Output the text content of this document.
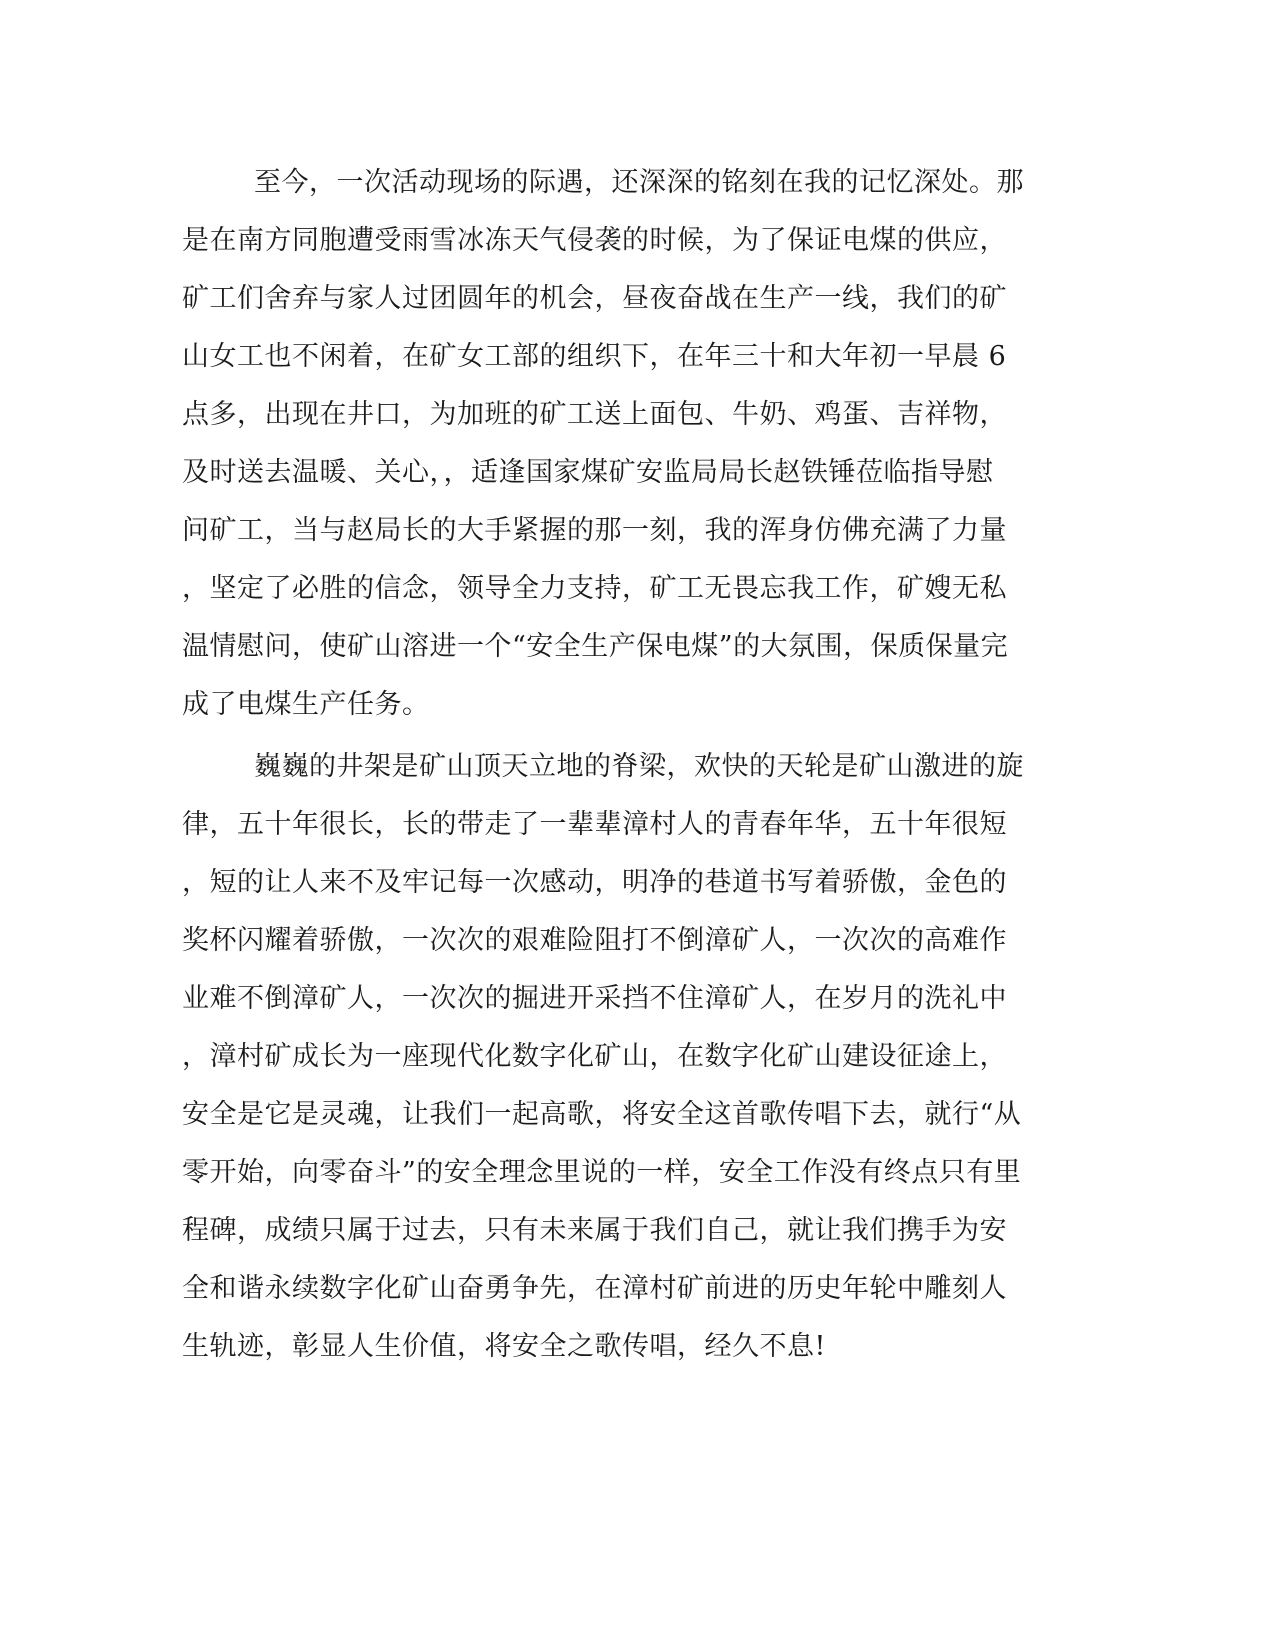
至今，一次活动现场的际遇，还深深的铭刻在我的记忆深处。那
是在南方同胞遭受雨雪冰冻天气侵袭的时候，为了保证电煤的供应，
矿工们舍弃与家人过团圆年的机会，昼夜奋战在生产一线，我们的矿
山女工也不闲着，在矿女工部的组织下，在年三十和大年初一早晨 6
点多，出现在井口，为加班的矿工送上面包、牛奶、鸡蛋、吉祥物，
及时送去温暖、关心，，适逢国家煤矿安监局局长赵铁锤莅临指导慰
问矿工，当与赵局长的大手紧握的那一刻，我的浑身仿佛充满了力量
，坚定了必胜的信念，领导全力支持，矿工无畏忘我工作，矿嫂无私
温情慰问，使矿山溶进一个“安全生产保电煤”的大氛围，保质保量完
成了电煤生产任务。
巍巍的井架是矿山顶天立地的脊梁，欢快的天轮是矿山激进的旋
律，五十年很长，长的带走了一辈辈漳村人的青春年华，五十年很短
，短的让人来不及牢记每一次感动，明净的巷道书写着骄傲，金色的
奖杯闪耀着骄傲，一次次的艰难险阻打不倒漳矿人，一次次的高难作
业难不倒漳矿人，一次次的掘进开采挡不住漳矿人，在岁月的洗礼中
，漳村矿成长为一座现代化数字化矿山，在数字化矿山建设征途上，
安全是它是灵魂，让我们一起高歌，将安全这首歌传唱下去，就行“从
零开始，向零奋斗”的安全理念里说的一样，安全工作没有终点只有里
程碑，成绩只属于过去，只有未来属于我们自己，就让我们携手为安
全和谐永续数字化矿山奋勇争先，在漳村矿前进的历史年轮中雕刻人
生轨迹，彰显人生价值，将安全之歌传唱，经久不息!
